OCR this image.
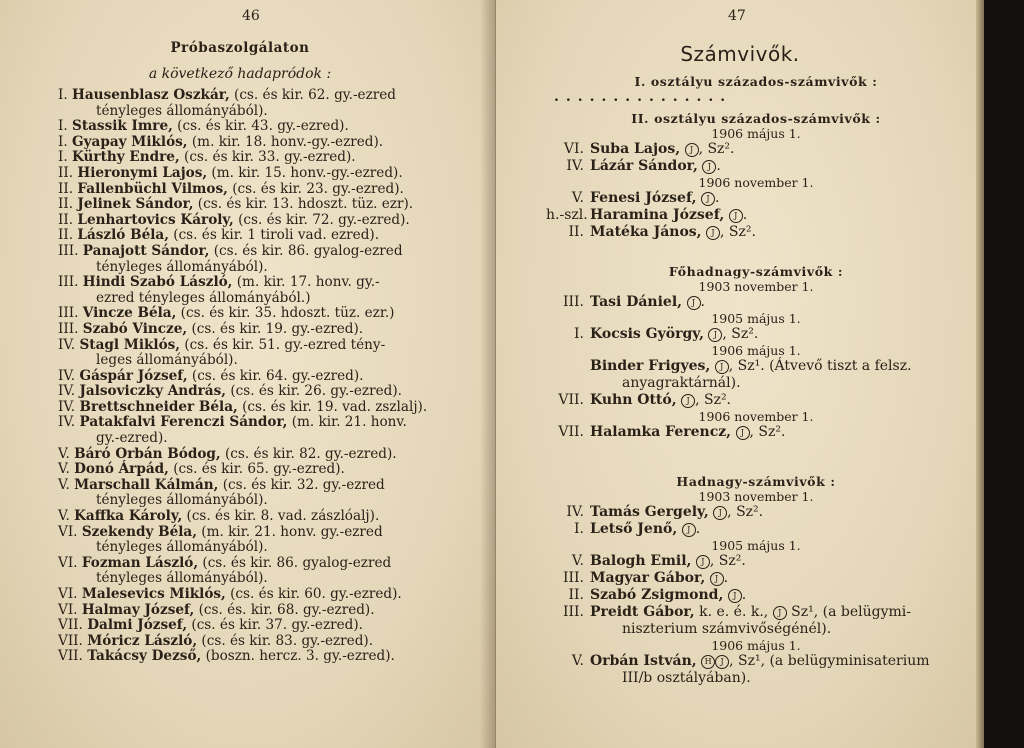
46
Próbaszolgálaton
a következő hadapródok :
I. Hausenblasz Oszkár, (cs. és kir. 62. gy.-ezred
tényleges állományából).
I. Stassik Imre, (cs. és kir. 43. gy.-ezred).
I. Gyapay Miklós, (m. kir. 18. honv.-gy.-ezred).
I. Kürthy Endre, (cs. és kir. 33. gy.-ezred).
II. Hieronymi Lajos, (m. kir. 15. honv.-gy.-ezred).
II. Fallenbüchl Vilmos, (cs. és kir. 23. gy.-ezred).
II. Jelinek Sándor, (cs. és kir. 13. hdoszt. tüz. ezr).
II. Lenhartovics Károly, (cs. és kir. 72. gy.-ezred).
II. László Béla, (cs. és kir. 1 tiroli vad. ezred).
III. Panajott Sándor, (cs. és kir. 86. gyalog-ezred
tényleges állományából).
III. Hindi Szabó László, (m. kir. 17. honv. gy.-
ezred tényleges állományából.)
III. Vincze Béla, (cs. és kir. 35. hdoszt. tüz. ezr.)
III. Szabó Vincze, (cs. és kir. 19. gy.-ezred).
IV. Stagl Miklós, (cs. és kir. 51. gy.-ezred tény-
leges állományából).
IV. Gáspár József, (cs. és kir. 64. gy.-ezred).
IV. Jalsoviczky András, (cs. és kir. 26. gy.-ezred).
IV. Brettschneider Béla, (cs. és kir. 19. vad. zszlalj).
IV. Patakfalvi Ferenczi Sándor, (m. kir. 21. honv.
gy.-ezred).
V. Báró Orbán Bódog, (cs. és kir. 82. gy.-ezred).
V. Donó Árpád, (cs. és kir. 65. gy.-ezred).
V. Marschall Kálmán, (cs. és kir. 32. gy.-ezred
tényleges állományából).
V. Kaffka Károly, (cs. és kir. 8. vad. zászlóalj).
VI. Szekendy Béla, (m. kir. 21. honv. gy.-ezred
tényleges állományából).
VI. Fozman László, (cs. és kir. 86. gyalog-ezred
tényleges állományából).
VI. Malesevics Miklós, (cs. és kir. 60. gy.-ezred).
VI. Halmay József, (cs. és. kir. 68. gy.-ezred).
VII. Dalmi József, (cs. és kir. 37. gy.-ezred).
VII. Móricz László, (cs. és kir. 83. gy.-ezred).
VII. Takácsy Dezső, (boszn. hercz. 3. gy.-ezred).
47
Számvivők.
I. osztályu százados-számvivők :
...............
II. osztályu százados-számvivők :
1906 május 1.
VI. Suba Lajos, J , Sz².
IV. Lázár Sándor, J .
1906 november 1.
V. Fenesi József, J .
h.-szl. Haramina József, J .
II. Matéka János, J , Sz².
Főhadnagy-számvivők :
1903 november 1.
III. Tasi Dániel, J .
1905 május 1.
I. Kocsis György, J , Sz².
1906 május 1.
Binder Frigyes, J , Sz¹. (Átvevő tiszt a felsz.
anyagraktárnál).
VII. Kuhn Ottó, J , Sz².
1906 november 1.
VII. Halamka Ferencz, J , Sz².
Hadnagy-számvivők :
1903 november 1.
IV. Tamás Gergely, J , Sz².
I. Letső Jenő, J .
1905 május 1.
V. Balogh Emil, J , Sz².
III. Magyar Gábor, J .
II. Szabó Zsigmond, J .
III. Preidt Gábor, k. e. é. k., J Sz¹, (a belügymi-
niszterium számvivőségénél).
1906 május 1.
V. Orbán István, H J , Sz¹, (a belügyminisaterium
III/b osztályában).
